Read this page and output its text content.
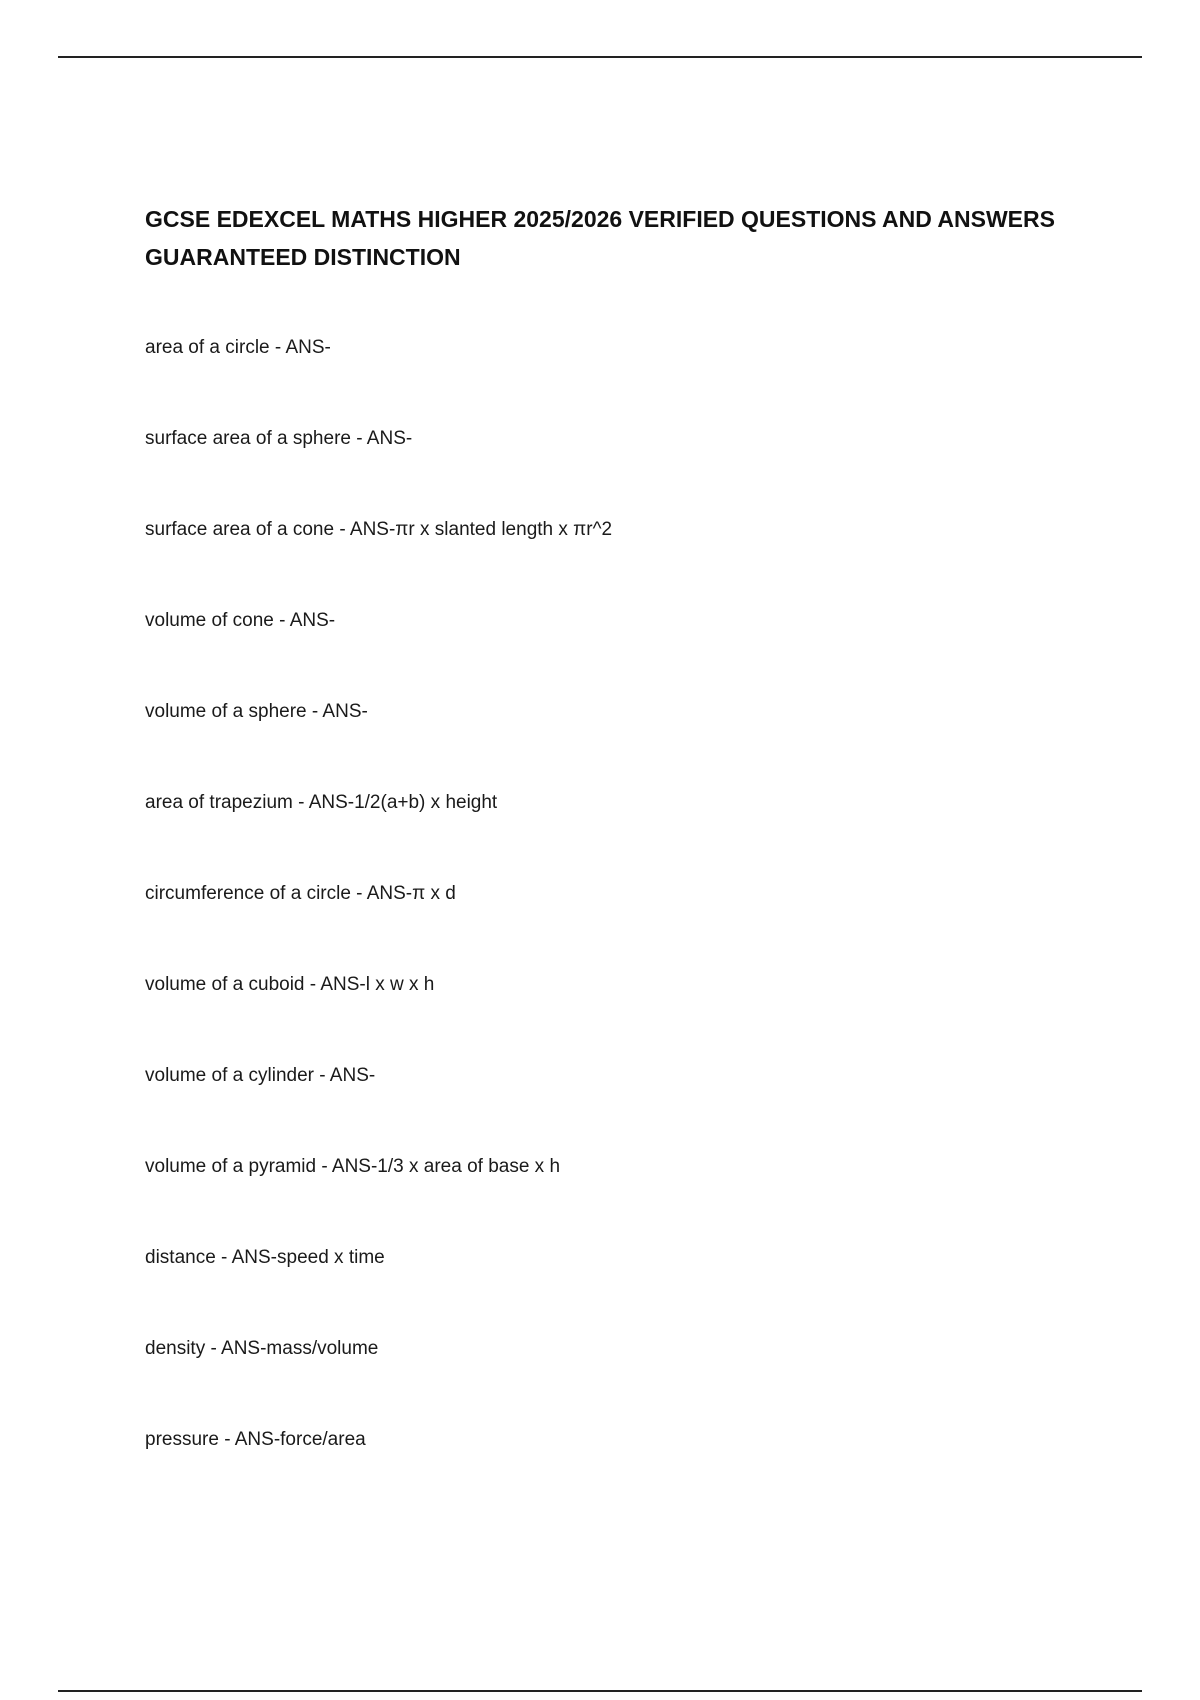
GCSE EDEXCEL MATHS HIGHER 2025/2026 VERIFIED QUESTIONS AND ANSWERS GUARANTEED DISTINCTION
area of a circle - ANS-
surface area of a sphere - ANS-
surface area of a cone - ANS-πr x slanted length x πr^2
volume of cone - ANS-
volume of a sphere - ANS-
area of trapezium - ANS-1/2(a+b) x height
circumference of a circle - ANS-π x d
volume of a cuboid - ANS-l x w x h
volume of a cylinder - ANS-
volume of a pyramid - ANS-1/3 x area of base x h
distance - ANS-speed x time
density - ANS-mass/volume
pressure - ANS-force/area
